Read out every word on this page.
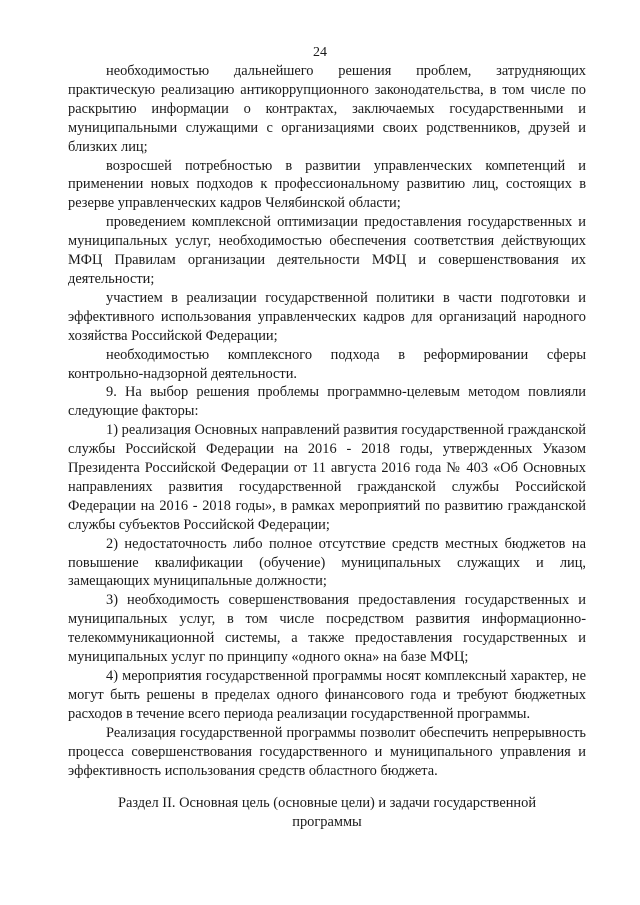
24

необходимостью дальнейшего решения проблем, затрудняющих практическую реализацию антикоррупционного законодательства, в том числе по раскрытию информации о контрактах, заключаемых государственными и муниципальными служащими с организациями своих родственников, друзей и близких лиц;

возросшей потребностью в развитии управленческих компетенций и применении новых подходов к профессиональному развитию лиц, состоящих в резерве управленческих кадров Челябинской области;

проведением комплексной оптимизации предоставления государственных и муниципальных услуг, необходимостью обеспечения соответствия действующих МФЦ Правилам организации деятельности МФЦ и совершенствования их деятельности;

участием в реализации государственной политики в части подготовки и эффективного использования управленческих кадров для организаций народного хозяйства Российской Федерации;

необходимостью комплексного подхода в реформировании сферы контрольно-надзорной деятельности.

9. На выбор решения проблемы программно-целевым методом повлияли следующие факторы:

1) реализация Основных направлений развития государственной гражданской службы Российской Федерации на 2016 - 2018 годы, утвержденных Указом Президента Российской Федерации от 11 августа 2016 года № 403 «Об Основных направлениях развития государственной гражданской службы Российской Федерации на 2016 - 2018 годы», в рамках мероприятий по развитию гражданской службы субъектов Российской Федерации;

2) недостаточность либо полное отсутствие средств местных бюджетов на повышение квалификации (обучение) муниципальных служащих и лиц, замещающих муниципальные должности;

3) необходимость совершенствования предоставления государственных и муниципальных услуг, в том числе посредством развития информационно-телекоммуникационной системы, а также предоставления государственных и муниципальных услуг по принципу «одного окна» на базе МФЦ;

4) мероприятия государственной программы носят комплексный характер, не могут быть решены в пределах одного финансового года и требуют бюджетных расходов в течение всего периода реализации государственной программы.

Реализация государственной программы позволит обеспечить непрерывность процесса совершенствования государственного и муниципального управления и эффективность использования средств областного бюджета.

Раздел II. Основная цель (основные цели) и задачи государственной
программы
